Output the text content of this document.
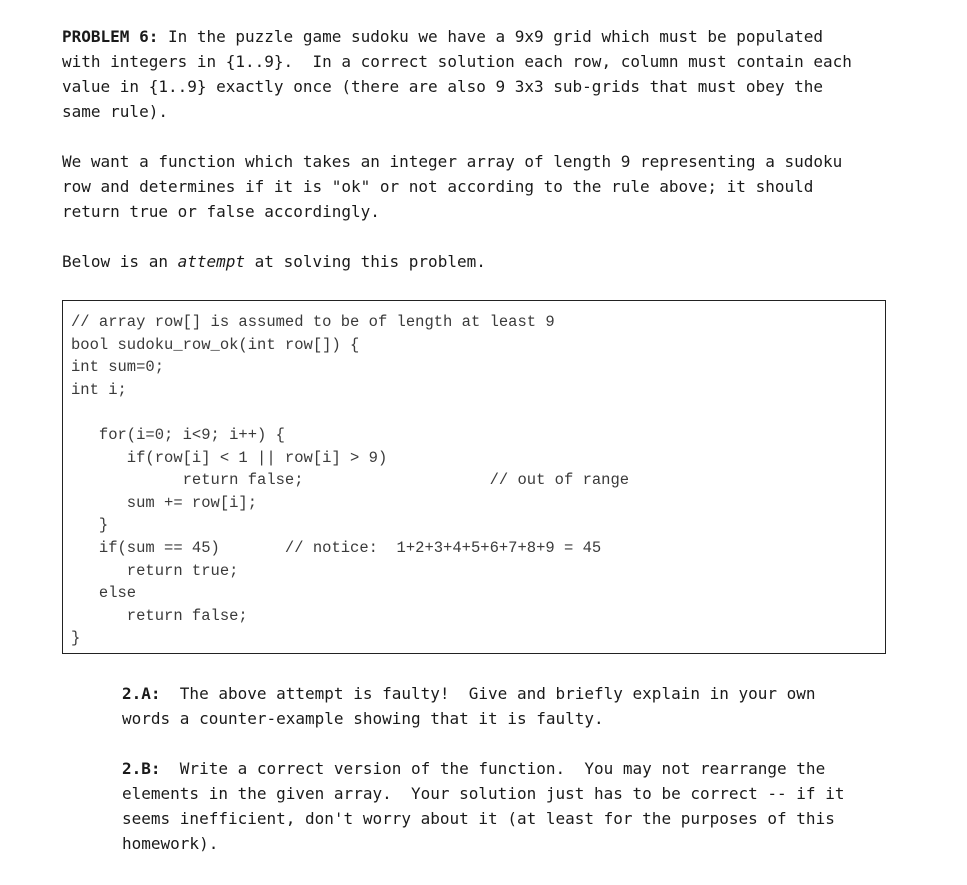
PROBLEM 6: In the puzzle game sudoku we have a 9x9 grid which must be populated
with integers in {1..9}.  In a correct solution each row, column must contain each
value in {1..9} exactly once (there are also 9 3x3 sub-grids that must obey the
same rule).
We want a function which takes an integer array of length 9 representing a sudoku
row and determines if it is "ok" or not according to the rule above; it should
return true or false accordingly.
Below is an attempt at solving this problem.
// array row[] is assumed to be of length at least 9
bool sudoku_row_ok(int row[]) {
int sum=0;
int i;

for(i=0; i<9; i++) {
if(row[i] < 1 || row[i] > 9)
return false;                    // out of range
sum += row[i];
}
if(sum == 45)       // notice:  1+2+3+4+5+6+7+8+9 = 45
return true;
else
return false;
}
2.A:  The above attempt is faulty!  Give and briefly explain in your own
words a counter-example showing that it is faulty.
2.B:  Write a correct version of the function.  You may not rearrange the
elements in the given array.  Your solution just has to be correct -- if it
seems inefficient, don't worry about it (at least for the purposes of this
homework).
